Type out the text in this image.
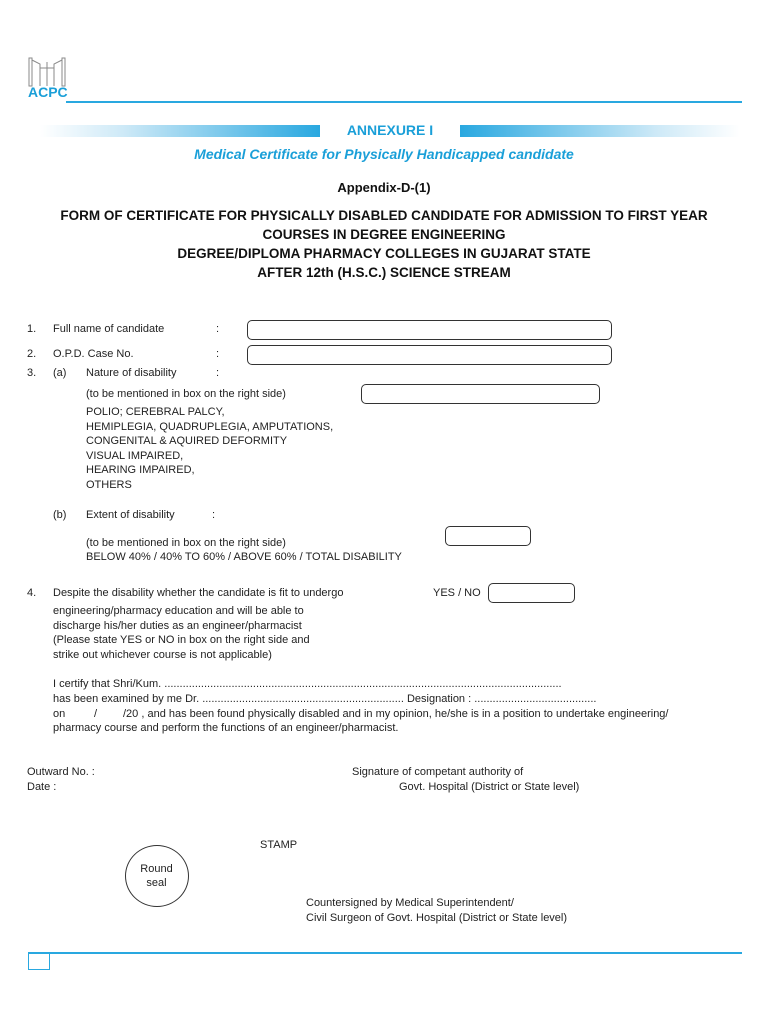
ACPC
ANNEXURE I
Medical Certificate for Physically Handicapped candidate
Appendix-D-(1)
FORM OF CERTIFICATE FOR PHYSICALLY DISABLED CANDIDATE FOR ADMISSION TO FIRST YEAR
COURSES IN DEGREE ENGINEERING
DEGREE/DIPLOMA PHARMACY COLLEGES IN GUJARAT STATE
AFTER 12th (H.S.C.) SCIENCE STREAM
1. Full name of candidate	:
2. O.P.D. Case No.	:
3. (a) Nature of disability	:
(to be mentioned in box on the right side)
POLIO; CEREBRAL PALCY,
HEMIPLEGIA, QUADRUPLEGIA, AMPUTATIONS,
CONGENITAL & AQUIRED DEFORMITY
VISUAL IMPAIRED,
HEARING IMPAIRED,
OTHERS
(b) Extent of disability	:
(to be mentioned in box on the right side)
BELOW 40% / 40% TO 60% / ABOVE 60% / TOTAL DISABILITY
4. Despite the disability whether the candidate is fit to undergo	YES / NO
engineering/pharmacy education and will be able to
discharge his/her duties as an engineer/pharmacist
(Please state YES or NO in box on the right side and
strike out whichever course is not applicable)
I certify that Shri/Kum. ..................................................................................................................................
has been examined by me Dr. .................................................................. Designation : ........................................
on	/ /20 , and has been found physically disabled and in my opinion, he/she is in a position to undertake engineering/
pharmacy course and perform the functions of an engineer/pharmacist.
Outward No. :
Date :
Signature of competant authority of
Govt. Hospital (District or State level)
STAMP
Round
seal
Countersigned by Medical Superintendent/
Civil Surgeon of Govt. Hospital (District or State level)
